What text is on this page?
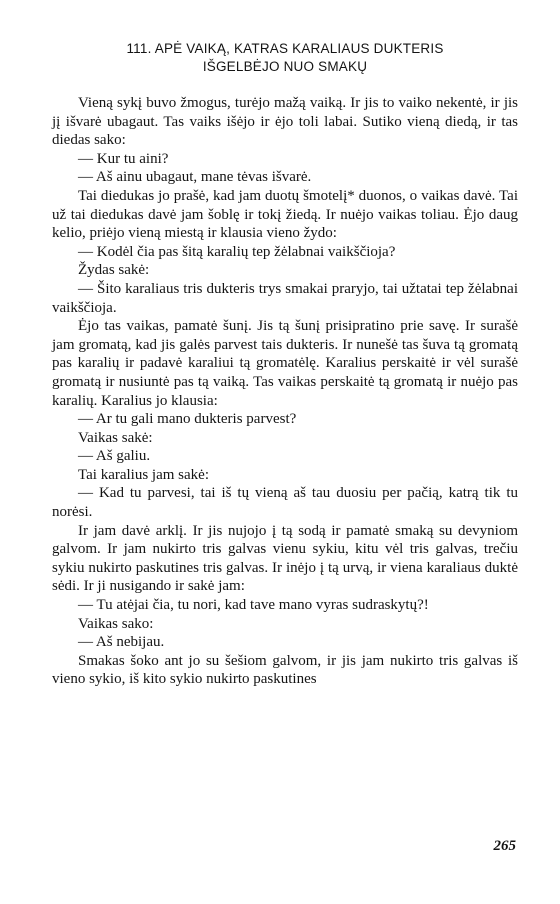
111. APĖ VAIKĄ, KATRAS KARALIAUS DUKTERIS
IŠGELBĖJO NUO SMAKŲ

Vieną sykį buvo žmogus, turėjo mažą vaiką. Ir jis to vaiko nekentė, ir jis jį išvarė ubagaut. Tas vaiks išėjo ir ėjo toli labai. Sutiko vieną diedą, ir tas diedas sako:

— Kur tu aini?

— Aš ainu ubagaut, mane tėvas išvarė.

Tai diedukas jo prašė, kad jam duotų šmotelį* duonos, o vaikas davė. Tai už tai diedukas davė jam šoblę ir tokį žiedą. Ir nuėjo vaikas toliau. Ėjo daug kelio, priėjo vieną miestą ir klausia vieno žydo:

— Kodėl čia pas šitą karalių tep žėlabnai vaikščioja?

Žydas sakė:

— Šito karaliaus tris dukteris trys smakai praryjo, tai užtatai tep žėlabnai vaikščioja.

Ėjo tas vaikas, pamatė šunį. Jis tą šunį prisipratino prie savę. Ir surašė jam gromatą, kad jis galės parvest tais dukteris. Ir nunešė tas šuva tą gromatą pas karalių ir padavė karaliui tą gromatėlę. Karalius perskaitė ir vėl surašė gromatą ir nusiuntė pas tą vaiką. Tas vaikas perskaitė tą gromatą ir nuėjo pas karalių. Karalius jo klausia:

— Ar tu gali mano dukteris parvest?

Vaikas sakė:

— Aš galiu.

Tai karalius jam sakė:

— Kad tu parvesi, tai iš tų vieną aš tau duosiu per pačią, katrą tik tu norėsi.

Ir jam davė arklį. Ir jis nujojo į tą sodą ir pamatė smaką su devyniom galvom. Ir jam nukirto tris galvas vienu sykiu, kitu vėl tris galvas, trečiu sykiu nukirto paskutines tris galvas. Ir inėjo į tą urvą, ir viena karaliaus duktė sėdi. Ir ji nusigando ir sakė jam:

— Tu atėjai čia, tu nori, kad tave mano vyras sudraskytų?!

Vaikas sako:

— Aš nebijau.

Smakas šoko ant jo su šešiom galvom, ir jis jam nukirto tris galvas iš vieno sykio, iš kito sykio nukirto paskutines

265
